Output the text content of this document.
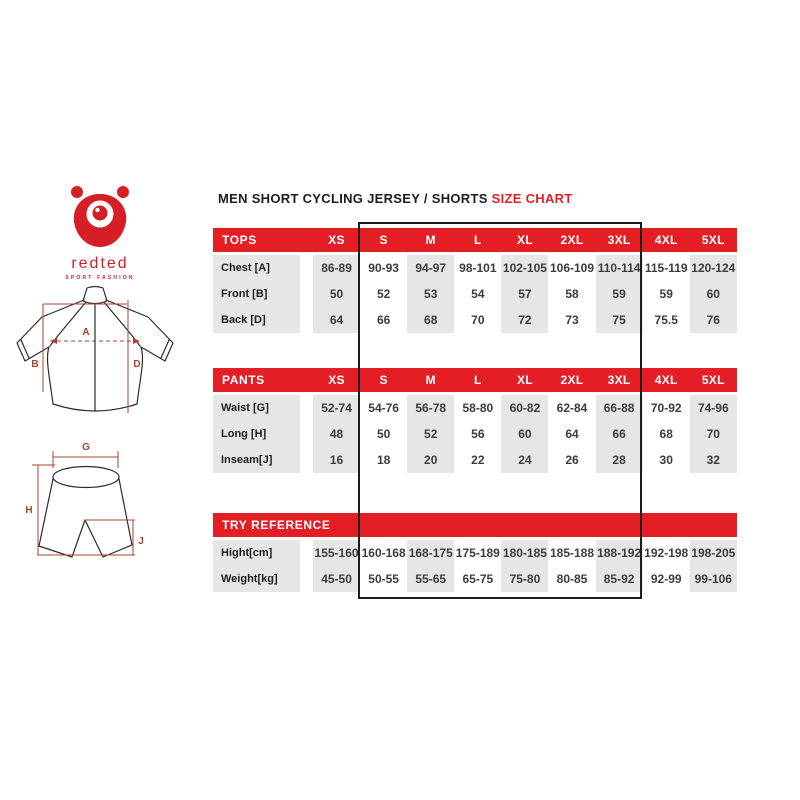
redted
SPORT FASHION
MEN SHORT CYCLING JERSEY / SHORTS SIZE CHART
A
B	D
G
H
J
TOPS	XS	S	M	L	XL	2XL	3XL	4XL	5XL
Chest [A]	86-89	90-93	94-97	98-101 102-105 106-109 110-114 115-119 120-124
Front [B]	50	52	53	54	57	58	59	59	60
Back [D]	64	66	68	70	72	73	75	75.5	76
PANTS	XS	S	M	L	XL	2XL	3XL	4XL	5XL
Waist [G]	52-74	54-76	56-78	58-80	60-82	62-84	66-88	70-92	74-96
Long [H]	48	50	52	56	60	64	66	68	70
Inseam[J]	16	18	20	22	24	26	28	30	32
TRY REFERENCE
Hight[cm]	155-160 160-168 168-175 175-189 180-185 185-188 188-192 192-198 198-205
Weight[kg]	45-50	50-55	55-65	65-75	75-80	80-85	85-92	92-99	99-106
